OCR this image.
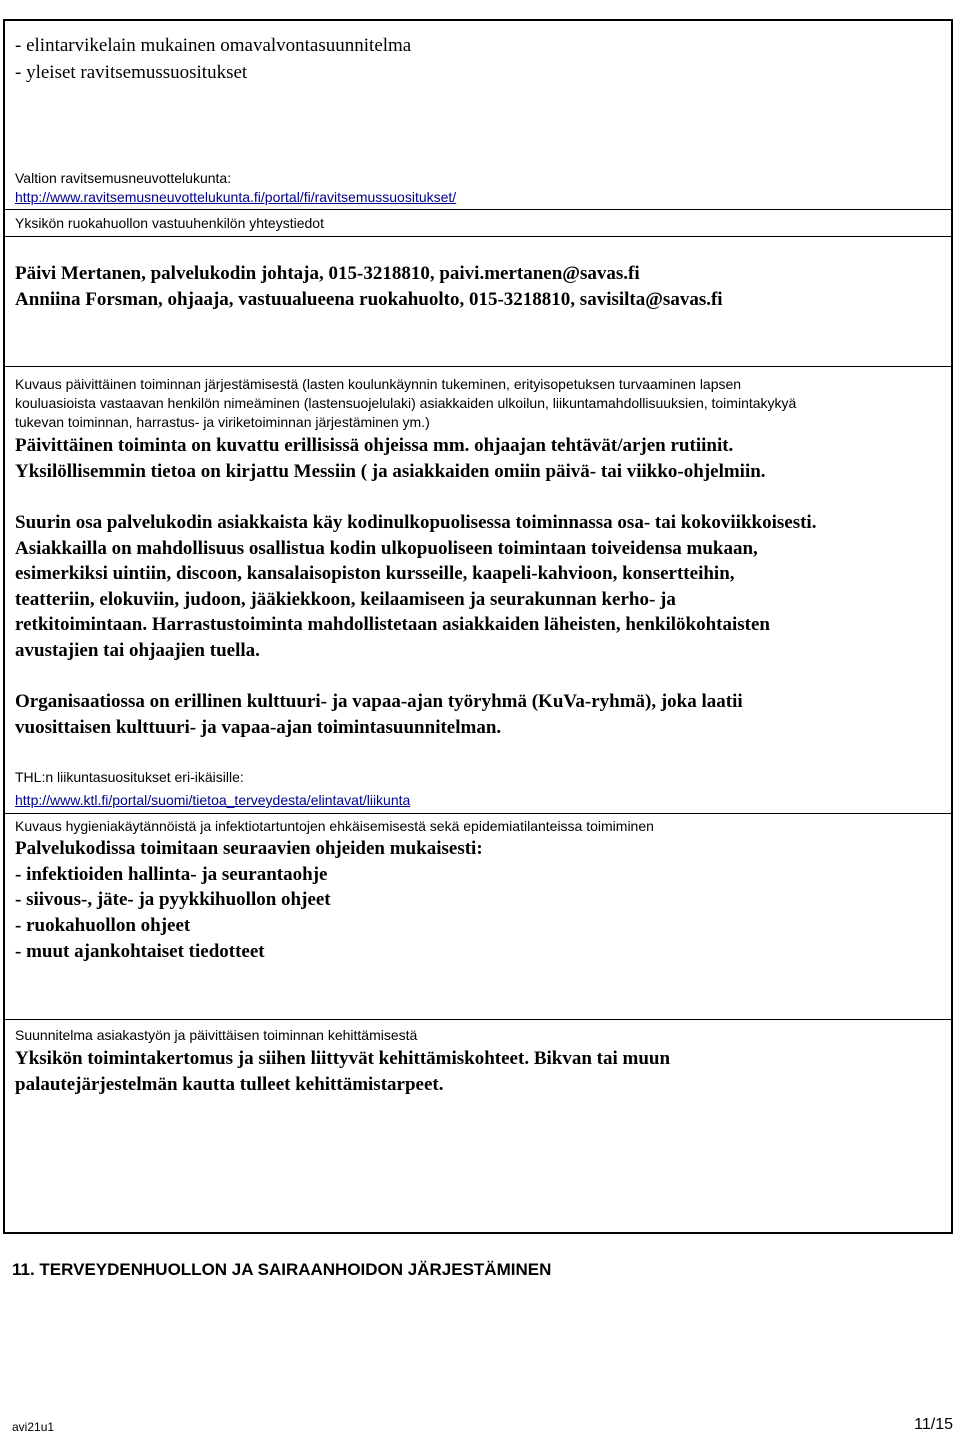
- elintarvikelain mukainen omavalvontasuunnitelma
- yleiset ravitsemussuositukset
Valtion ravitsemusneuvottelukunta:
http://www.ravitsemusneuvottelukunta.fi/portal/fi/ravitsemussuositukset/
Yksikön ruokahuollon vastuuhenkilön yhteystiedot
Päivi Mertanen, palvelukodin johtaja, 015-3218810, paivi.mertanen@savas.fi
Anniina Forsman, ohjaaja, vastuualueena ruokahuolto, 015-3218810, savisilta@savas.fi
Kuvaus päivittäinen toiminnan järjestämisestä (lasten koulunkäynnin tukeminen, erityisopetuksen turvaaminen lapsen
kouluasioista vastaavan henkilön nimeäminen (lastensuojelulaki) asiakkaiden ulkoilun, liikuntamahdollisuuksien, toimintakykyä
tukevan toiminnan, harrastus- ja viriketoiminnan järjestäminen ym.)
Päivittäinen toiminta on kuvattu erillisissä ohjeissa mm. ohjaajan tehtävät/arjen rutiinit.
Yksilöllisemmin tietoa on kirjattu Messiin ( ja asiakkaiden omiin päivä- tai viikko-ohjelmiin.
Suurin osa palvelukodin asiakkaista käy kodinulkopuolisessa toiminnassa osa- tai kokoviikkoisesti.
Asiakkailla on mahdollisuus osallistua kodin ulkopuoliseen toimintaan toiveidensa mukaan,
esimerkiksi uintiin, discoon, kansalaisopiston kursseille, kaapeli-kahvioon, konsertteihin,
teatteriin, elokuviin, judoon, jääkiekkoon, keilaamiseen ja seurakunnan kerho- ja
retkitoimintaan. Harrastustoiminta mahdollistetaan asiakkaiden läheisten, henkilökohtaisten
avustajien tai ohjaajien tuella.
Organisaatiossa on erillinen kulttuuri- ja vapaa-ajan työryhmä (KuVa-ryhmä), joka laatii
vuosittaisen kulttuuri- ja vapaa-ajan toimintasuunnitelman.
THL:n liikuntasuositukset eri-ikäisille:
http://www.ktl.fi/portal/suomi/tietoa_terveydesta/elintavat/liikunta
Kuvaus hygieniakäytännöistä ja infektiotartuntojen ehkäisemisestä sekä epidemiatilanteissa toimiminen
Palvelukodissa toimitaan seuraavien ohjeiden mukaisesti:
- infektioiden hallinta- ja seurantaohje
- siivous-, jäte- ja pyykkihuollon ohjeet
- ruokahuollon ohjeet
- muut ajankohtaiset tiedotteet
Suunnitelma asiakastyön ja päivittäisen toiminnan kehittämisestä
Yksikön toimintakertomus ja siihen liittyvät kehittämiskohteet. Bikvan tai muun
palautejärjestelmän kautta tulleet kehittämistarpeet.
11. TERVEYDENHUOLLON JA SAIRAANHOIDON JÄRJESTÄMINEN
avi21u1	11/15
